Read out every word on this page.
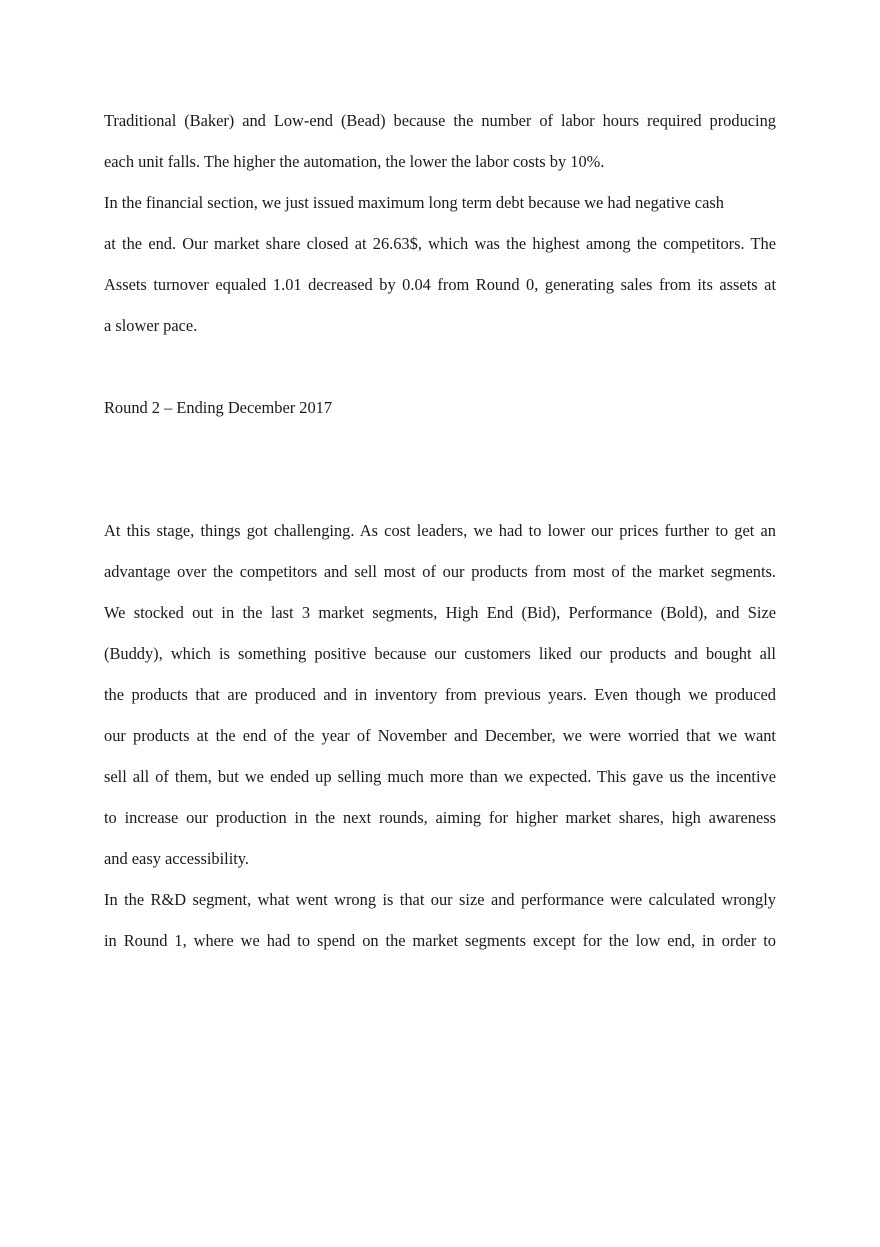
Traditional (Baker) and Low-end (Bead) because the number of labor hours required producing

each unit falls. The higher the automation, the lower the labor costs by 10%.

In the financial section, we just issued maximum long term debt because we had negative cash

at the end. Our market share closed at 26.63$, which was the highest among the competitors. The

Assets turnover equaled 1.01 decreased by 0.04 from Round 0, generating sales from its assets at

a slower pace.

Round 2 – Ending December 2017

At this stage, things got challenging. As cost leaders, we had to lower our prices further to get an

advantage over the competitors and sell most of our products from most of the market segments.

We stocked out in the last 3 market segments, High End (Bid), Performance (Bold), and Size

(Buddy), which is something positive because our customers liked our products and bought all

the products that are produced and in inventory from previous years. Even though we produced

our products at the end of the year of November and December, we were worried that we want

sell all of them, but we ended up selling much more than we expected. This gave us the incentive

to increase our production in the next rounds, aiming for higher market shares, high awareness

and easy accessibility.

In the R&D segment, what went wrong is that our size and performance were calculated wrongly

in Round 1, where we had to spend on the market segments except for the low end, in order to
